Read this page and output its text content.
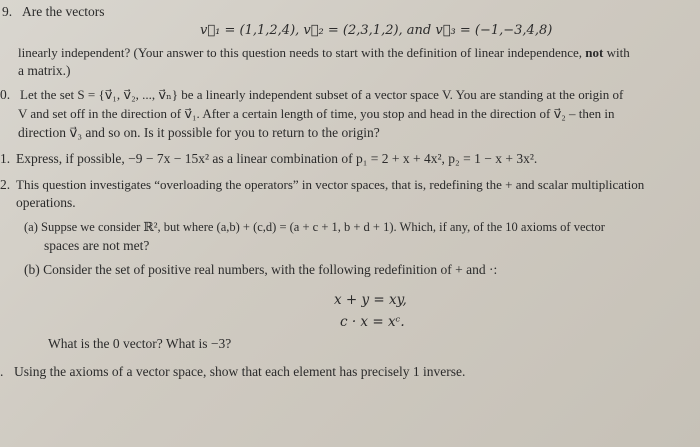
9. Are the vectors
v⃗₁ = (1,1,2,4), v⃗₂ = (2,3,1,2), and v⃗₃ = (−1,−3,4,8)
linearly independent? (Your answer to this question needs to start with the definition of linear independence, not with
a matrix.)
0. Let the set S = {v⃗₁, v⃗₂, ..., v⃗ₙ} be a linearly independent subset of a vector space V. You are standing at the origin of
V and set off in the direction of v⃗₁. After a certain length of time, you stop and head in the direction of v⃗₂ – then in
direction v⃗₃ and so on. Is it possible for you to return to the origin?
1. Express, if possible, −9 − 7x − 15x² as a linear combination of p₁ = 2 + x + 4x², p₂ = 1 − x + 3x².
2. This question investigates “overloading the operators” in vector spaces, that is, redefining the + and scalar multiplication
operations.
(a) Suppse we consider ℝ², but where (a,b) + (c,d) = (a + c + 1, b + d + 1). Which, if any, of the 10 axioms of vector
spaces are not met?
(b) Consider the set of positive real numbers, with the following redefinition of + and ·:
x + y = xy,
c · x = xᶜ.
What is the 0 vector? What is −3?
. Using the axioms of a vector space, show that each element has precisely 1 inverse.
